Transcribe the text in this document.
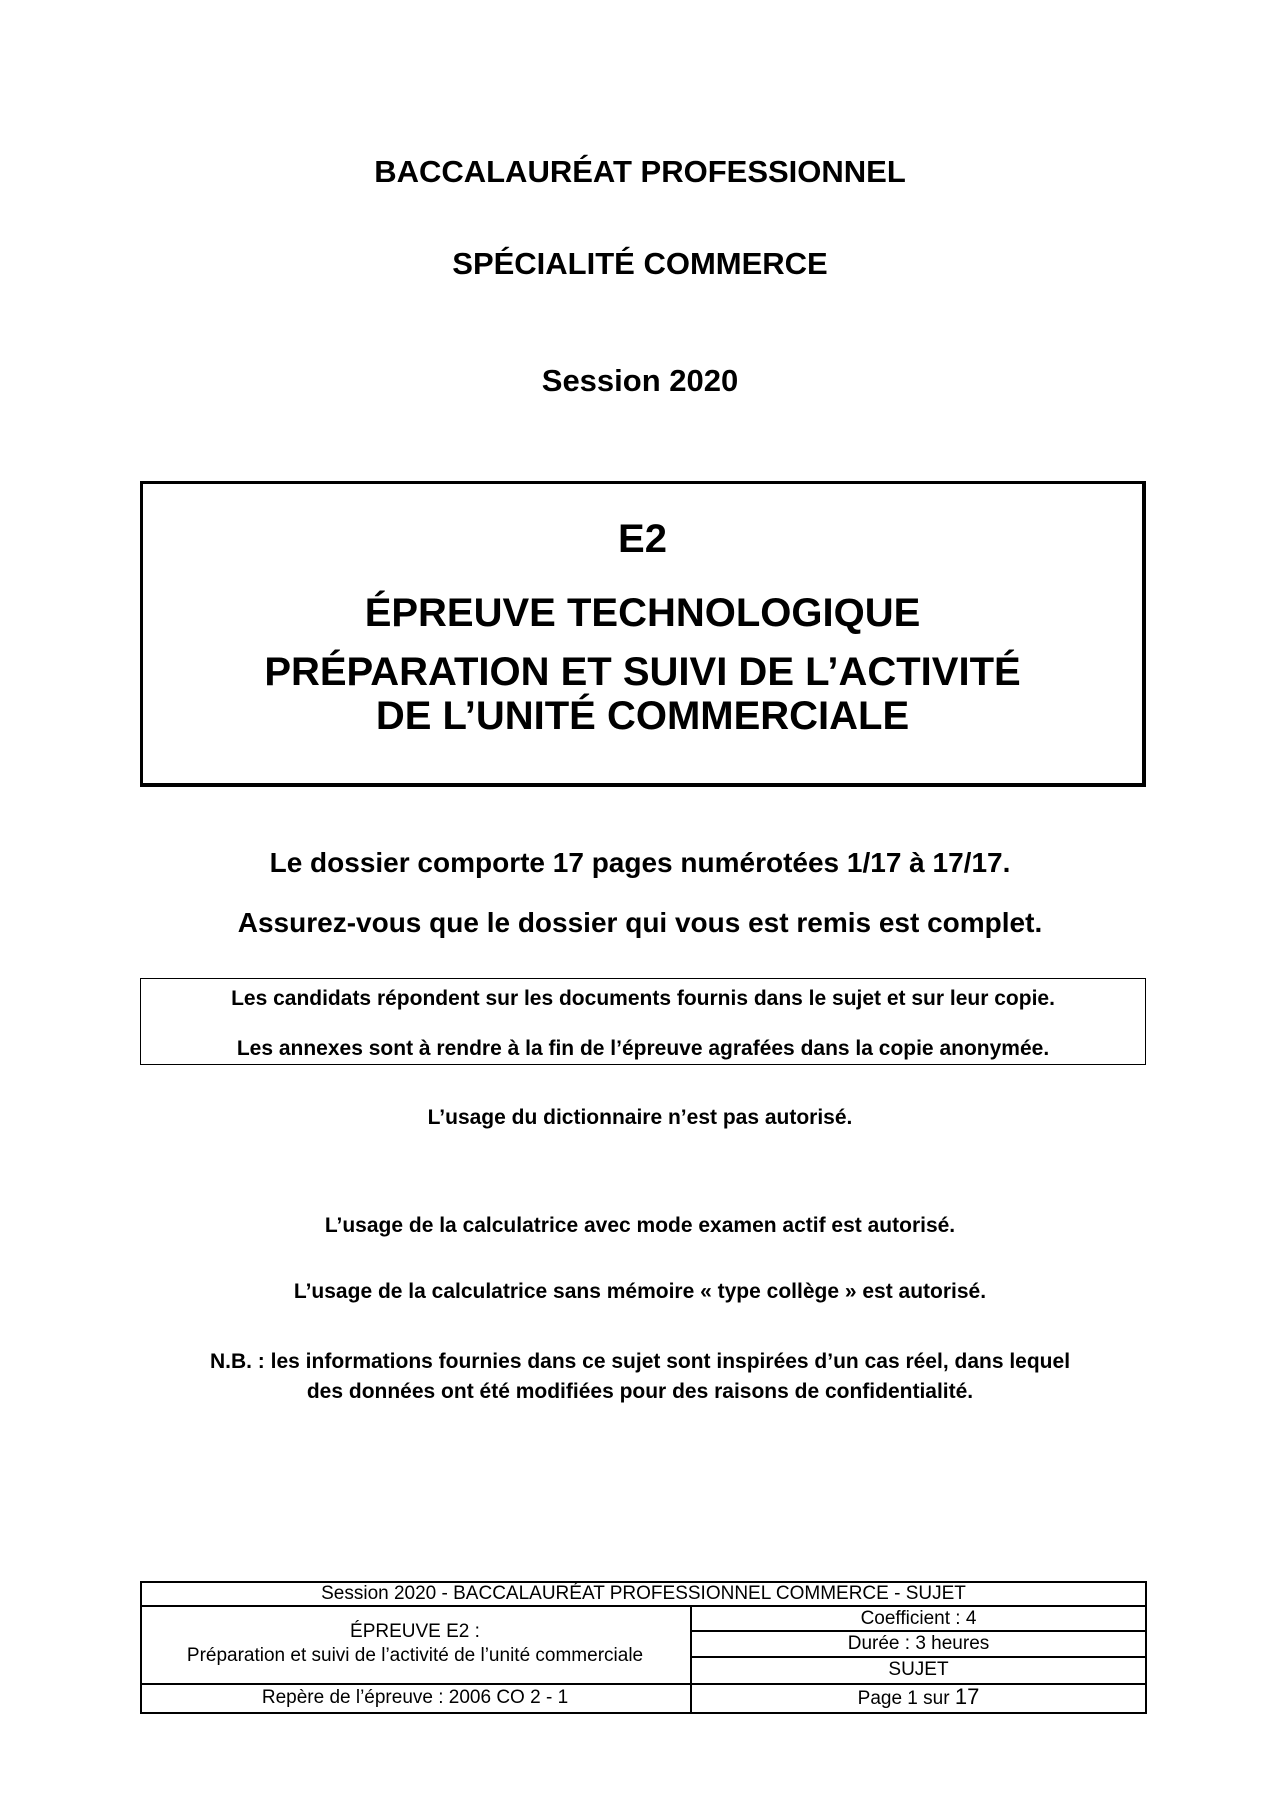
BACCALAURÉAT PROFESSIONNEL
SPÉCIALITÉ COMMERCE
Session 2020
E2
ÉPREUVE TECHNOLOGIQUE
PRÉPARATION ET SUIVI DE L’ACTIVITÉ
DE L’UNITÉ COMMERCIALE
Le dossier comporte 17 pages numérotées 1/17 à 17/17.
Assurez-vous que le dossier qui vous est remis est complet.
Les candidats répondent sur les documents fournis dans le sujet et sur leur copie.
Les annexes sont à rendre à la fin de l’épreuve agrafées dans la copie anonymée.
L’usage du dictionnaire n’est pas autorisé.
L’usage de la calculatrice avec mode examen actif est autorisé.
L’usage de la calculatrice sans mémoire « type collège » est autorisé.
N.B. : les informations fournies dans ce sujet sont inspirées d’un cas réel, dans lequel
des données ont été modifiées pour des raisons de confidentialité.
Session 2020 - BACCALAURÉAT PROFESSIONNEL COMMERCE - SUJET
ÉPREUVE E2 :
Préparation et suivi de l’activité de l’unité commerciale
Coefficient : 4
Durée : 3 heures
SUJET
Repère de l’épreuve : 2006 CO 2 - 1	Page 1 sur 17
